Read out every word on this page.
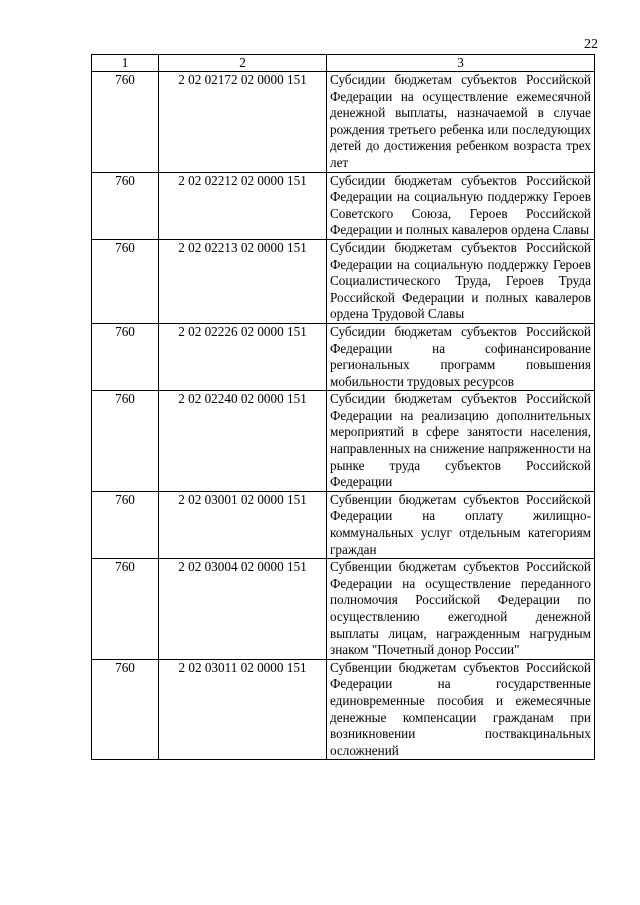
22
1	2	3
760	2 02 02172 02 0000 151	Субсидии бюджетам субъектов Российской Федерации на осуществление ежемесячной денежной выплаты, назначаемой в случае рождения третьего ребенка или последующих детей до достижения ребенком возраста трех лет
760	2 02 02212 02 0000 151	Субсидии бюджетам субъектов Российской Федерации на социальную поддержку Героев Советского Союза, Героев Российской Федерации и полных кавалеров ордена Славы
760	2 02 02213 02 0000 151	Субсидии бюджетам субъектов Российской Федерации на социальную поддержку Героев Социалистического Труда, Героев Труда Российской Федерации и полных кавалеров ордена Трудовой Славы
760	2 02 02226 02 0000 151	Субсидии бюджетам субъектов Российской Федерации на софинансирование региональных программ повышения мобильности трудовых ресурсов
760	2 02 02240 02 0000 151	Субсидии бюджетам субъектов Российской Федерации на реализацию дополнительных мероприятий в сфере занятости населения, направленных на снижение напряженности на рынке труда субъектов Российской Федерации
760	2 02 03001 02 0000 151	Субвенции бюджетам субъектов Российской Федерации на оплату жилищно-коммунальных услуг отдельным категориям граждан
760	2 02 03004 02 0000 151	Субвенции бюджетам субъектов Российской Федерации на осуществление переданного полномочия Российской Федерации по осуществлению ежегодной денежной выплаты лицам, награжденным нагрудным знаком "Почетный донор России"
760	2 02 03011 02 0000 151	Субвенции бюджетам субъектов Российской Федерации на государственные единовременные пособия и ежемесячные денежные компенсации гражданам при возникновении поствакцинальных осложнений
